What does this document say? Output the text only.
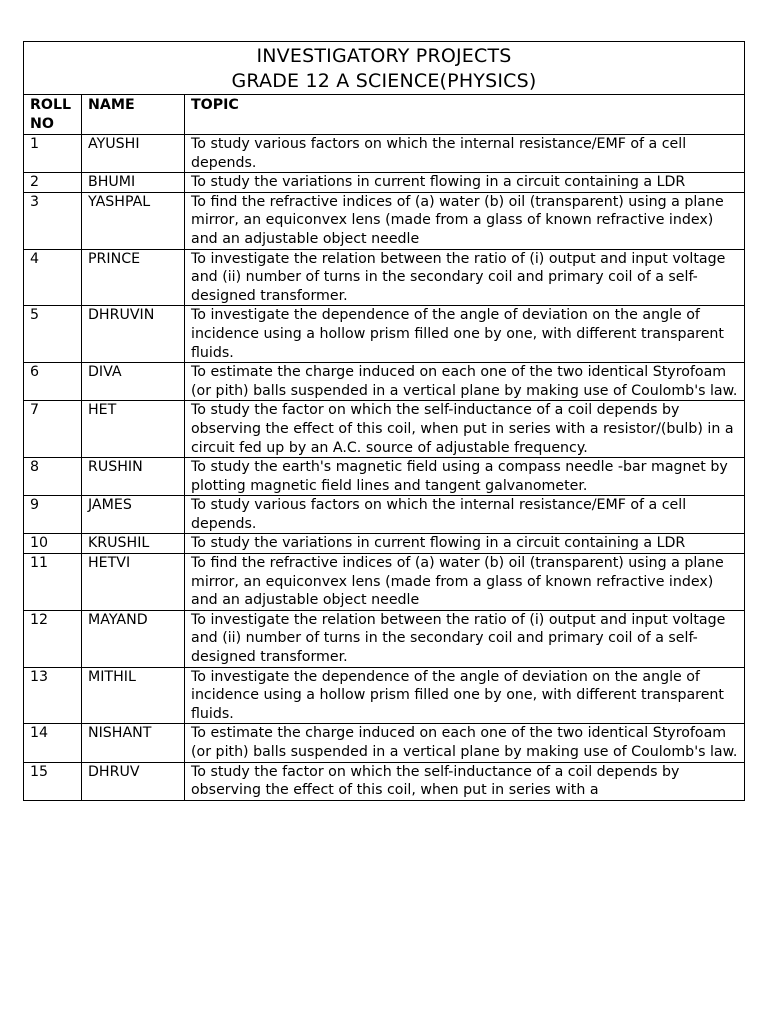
INVESTIGATORY PROJECTS
GRADE 12 A SCIENCE(PHYSICS)		

ROLL NO	NAME	TOPIC
1	AYUSHI	To study various factors on which the internal resistance/EMF of a cell depends.
2	BHUMI	To study the variations in current flowing in a circuit containing a LDR
3	YASHPAL	To find the refractive indices of (a) water (b) oil (transparent) using a plane mirror, an equiconvex lens (made from a glass of known refractive index) and an adjustable object needle
4	PRINCE	To investigate the relation between the ratio of (i) output and input voltage and (ii) number of turns in the secondary coil and primary coil of a self-designed transformer.
5	DHRUVIN	To investigate the dependence of the angle of deviation on the angle of incidence using a hollow prism filled one by one, with different transparent fluids.
6	DIVA	To estimate the charge induced on each one of the two identical Styrofoam (or pith) balls suspended in a vertical plane by making use of Coulomb's law.
7	HET	To study the factor on which the self-inductance of a coil depends by observing the effect of this coil, when put in series with a resistor/(bulb) in a circuit fed up by an A.C. source of adjustable frequency.
8	RUSHIN	To study the earth's magnetic field using a compass needle -bar magnet by plotting magnetic field lines and tangent galvanometer.
9	JAMES	To study various factors on which the internal resistance/EMF of a cell depends.
10	KRUSHIL	To study the variations in current flowing in a circuit containing a LDR
11	HETVI	To find the refractive indices of (a) water (b) oil (transparent) using a plane mirror, an equiconvex lens (made from a glass of known refractive index) and an adjustable object needle
12	MAYAND	To investigate the relation between the ratio of (i) output and input voltage and (ii) number of turns in the secondary coil and primary coil of a self-designed transformer.
13	MITHIL	To investigate the dependence of the angle of deviation on the angle of incidence using a hollow prism filled one by one, with different transparent fluids.
14	NISHANT	To estimate the charge induced on each one of the two identical Styrofoam (or pith) balls suspended in a vertical plane by making use of Coulomb's law.
15	DHRUV	To study the factor on which the self-inductance of a coil depends by observing the effect of this coil, when put in series with a
